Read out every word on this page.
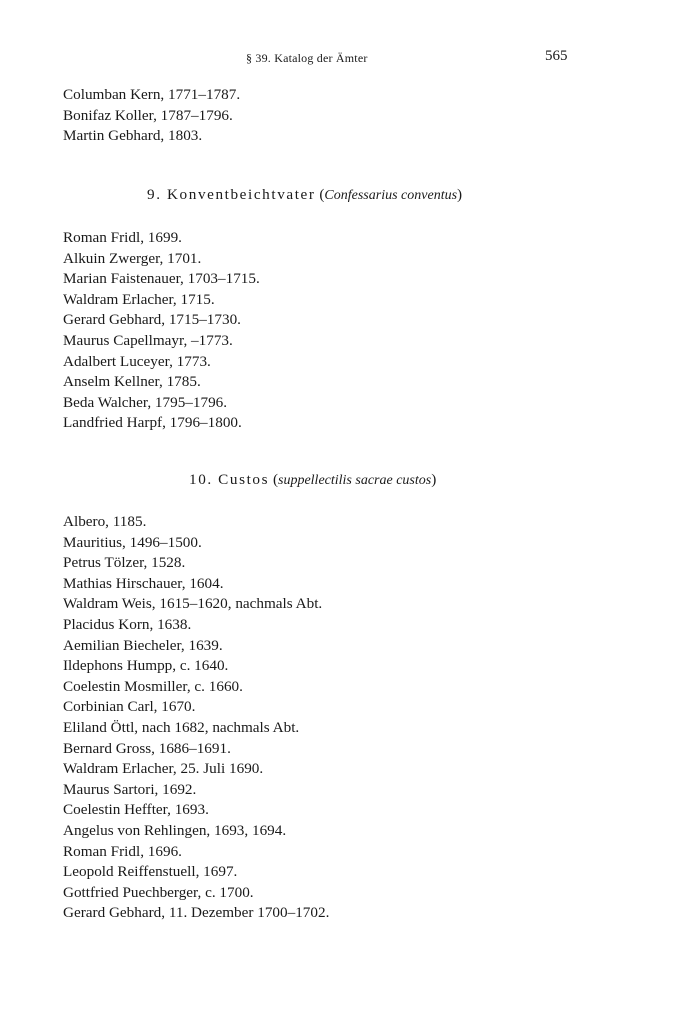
§ 39. Katalog der Ämter	565
Columban Kern, 1771–1787.
Bonifaz Koller, 1787–1796.
Martin Gebhard, 1803.
9. Konventbeichtvater (Confessarius conventus)
Roman Fridl, 1699.
Alkuin Zwerger, 1701.
Marian Faistenauer, 1703–1715.
Waldram Erlacher, 1715.
Gerard Gebhard, 1715–1730.
Maurus Capellmayr, –1773.
Adalbert Luceyer, 1773.
Anselm Kellner, 1785.
Beda Walcher, 1795–1796.
Landfried Harpf, 1796–1800.
10. Custos (suppellectilis sacrae custos)
Albero, 1185.
Mauritius, 1496–1500.
Petrus Tölzer, 1528.
Mathias Hirschauer, 1604.
Waldram Weis, 1615–1620, nachmals Abt.
Placidus Korn, 1638.
Aemilian Biecheler, 1639.
Ildephons Humpp, c. 1640.
Coelestin Mosmiller, c. 1660.
Corbinian Carl, 1670.
Eliland Öttl, nach 1682, nachmals Abt.
Bernard Gross, 1686–1691.
Waldram Erlacher, 25. Juli 1690.
Maurus Sartori, 1692.
Coelestin Heffter, 1693.
Angelus von Rehlingen, 1693, 1694.
Roman Fridl, 1696.
Leopold Reiffenstuell, 1697.
Gottfried Puechberger, c. 1700.
Gerard Gebhard, 11. Dezember 1700–1702.
